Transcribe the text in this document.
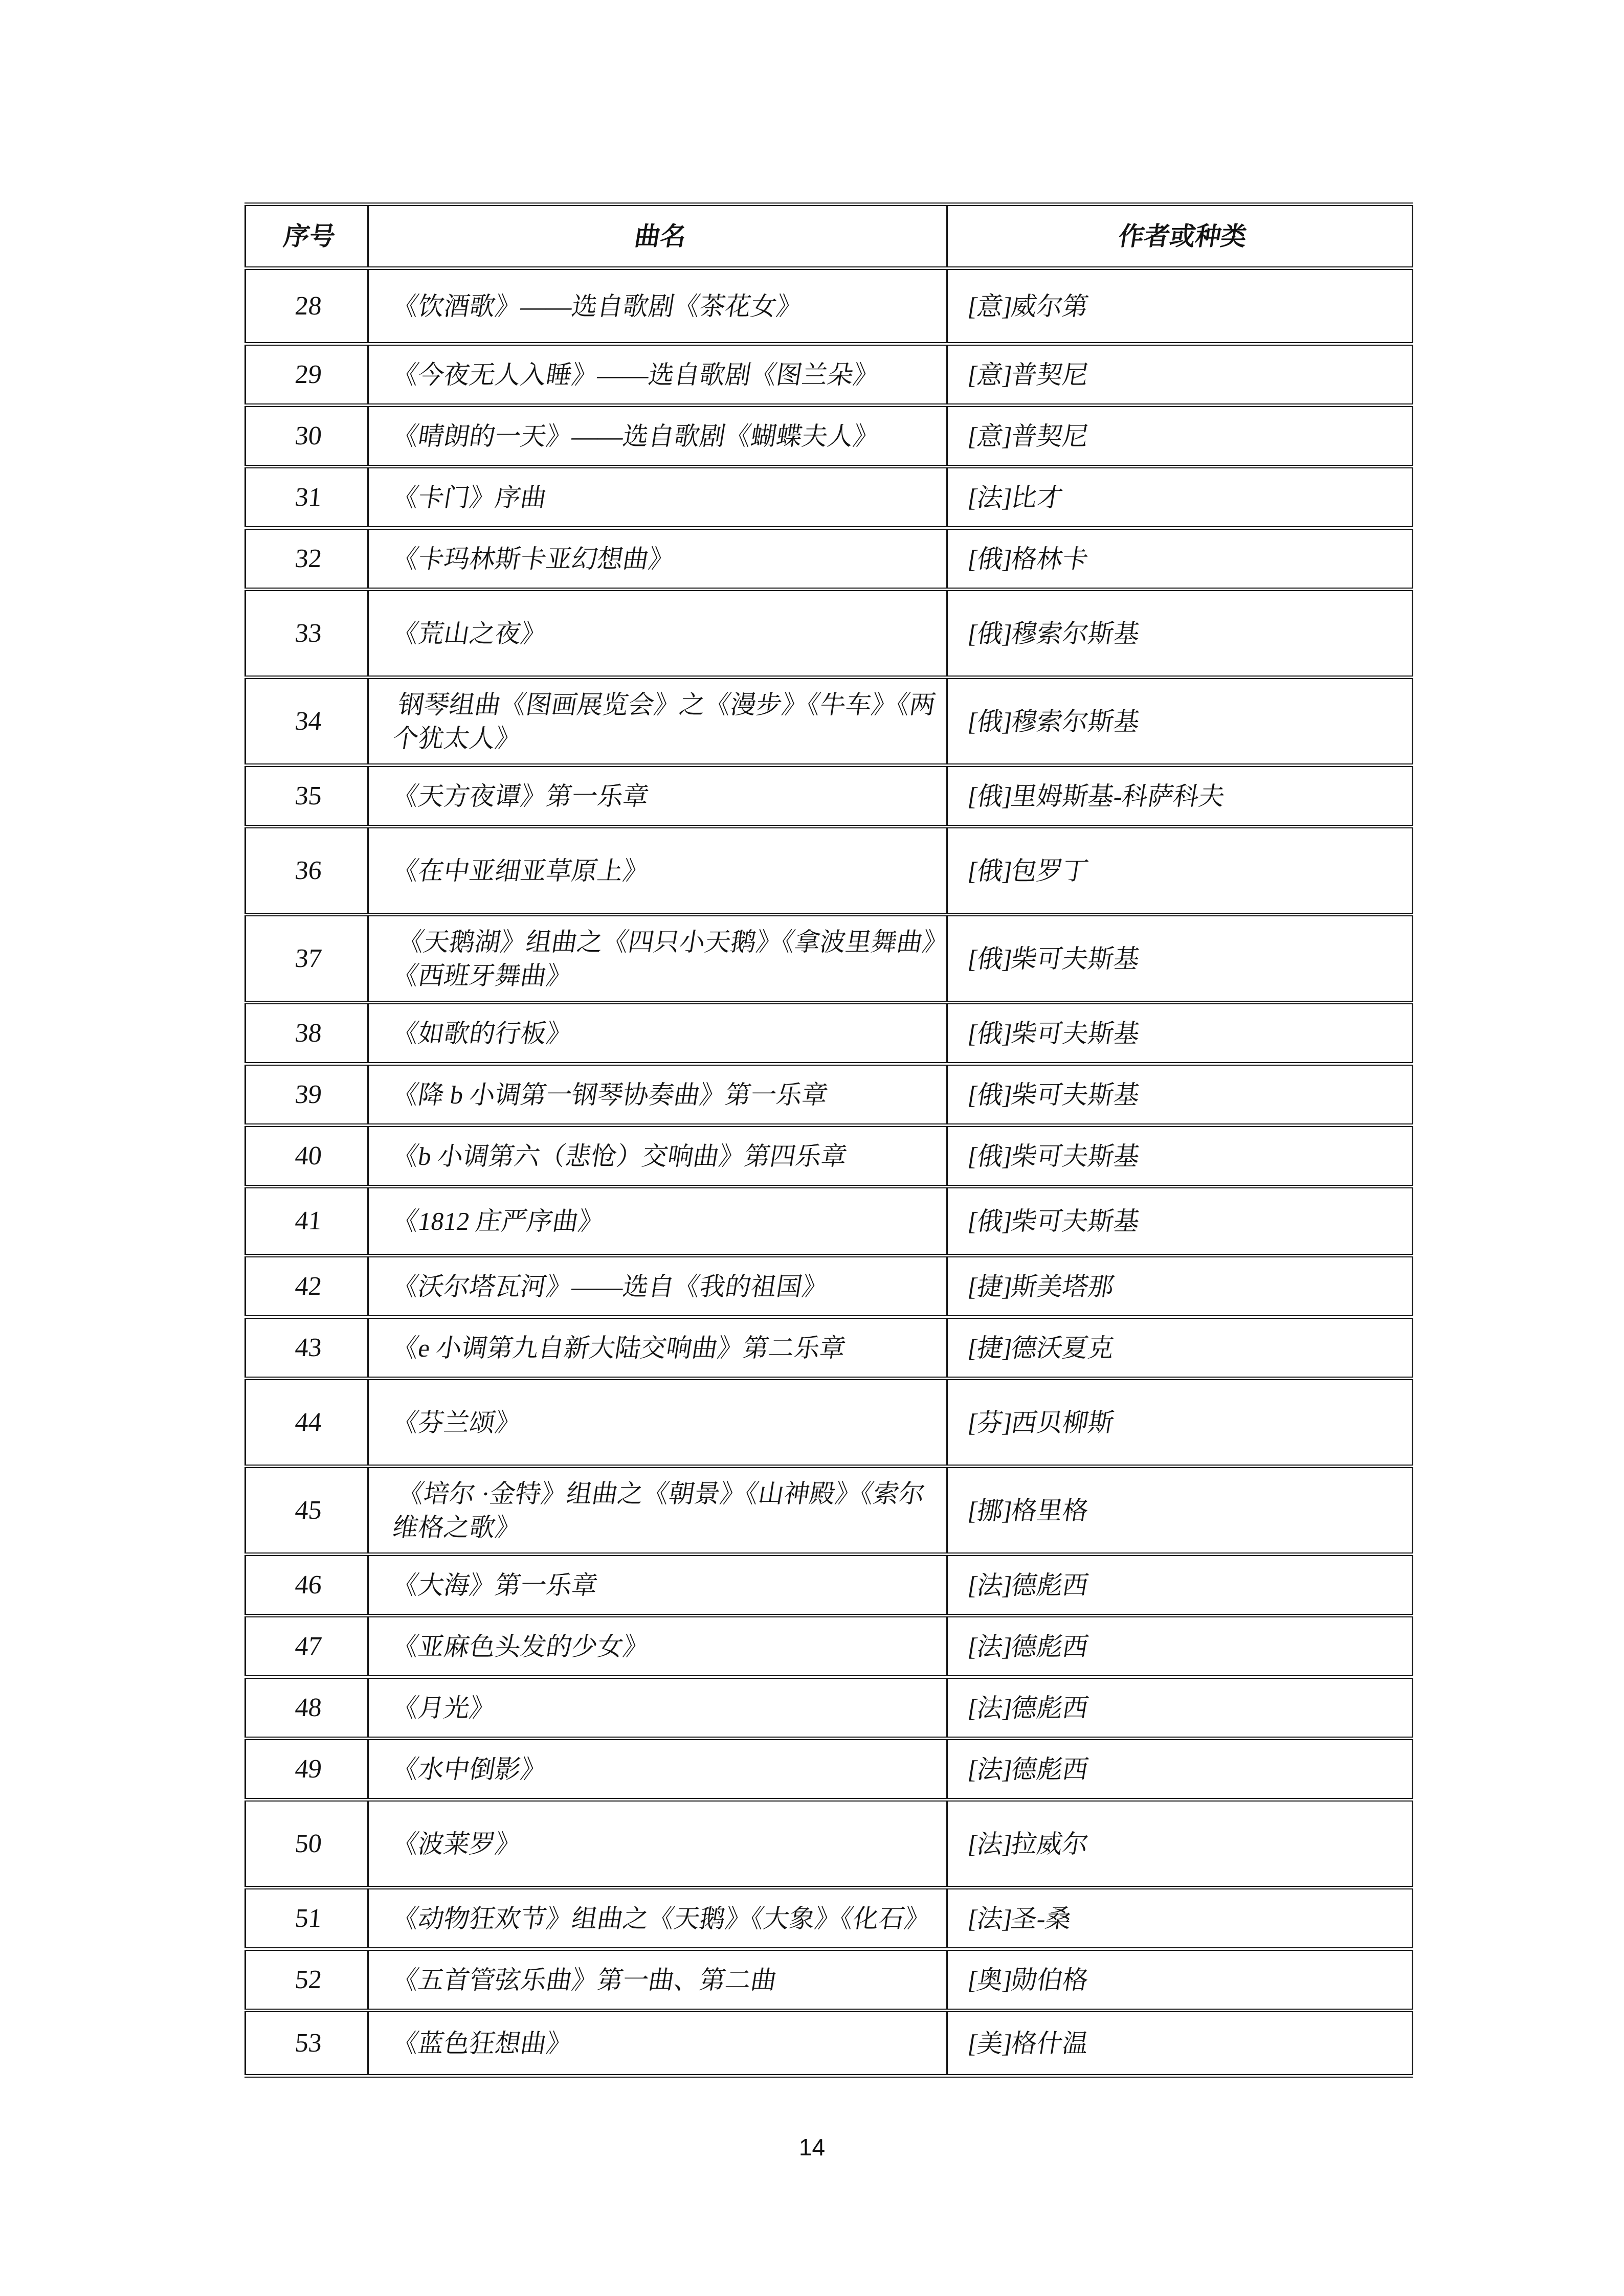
序号	曲名	作者或种类
28	《饮酒歌》——选自歌剧《茶花女》	[意]威尔第
29	《今夜无人入睡》——选自歌剧《图兰朵》	[意]普契尼
30	《晴朗的一天》——选自歌剧《蝴蝶夫人》	[意]普契尼
31	《卡门》序曲	[法]比才
32	《卡玛林斯卡亚幻想曲》	[俄]格林卡
33	《荒山之夜》	[俄]穆索尔斯基
34	钢琴组曲《图画展览会》之《漫步》《牛车》《两个犹太人》	[俄]穆索尔斯基
35	《天方夜谭》第一乐章	[俄]里姆斯基-科萨科夫
36	《在中亚细亚草原上》	[俄]包罗丁
37	《天鹅湖》组曲之《四只小天鹅》《拿波里舞曲》《西班牙舞曲》	[俄]柴可夫斯基
38	《如歌的行板》	[俄]柴可夫斯基
39	《降 b 小调第一钢琴协奏曲》第一乐章	[俄]柴可夫斯基
40	《b 小调第六（悲怆）交响曲》第四乐章	[俄]柴可夫斯基
41	《1812 庄严序曲》	[俄]柴可夫斯基
42	《沃尔塔瓦河》——选自《我的祖国》	[捷]斯美塔那
43	《e 小调第九自新大陆交响曲》第二乐章	[捷]德沃夏克
44	《芬兰颂》	[芬]西贝柳斯
45	《培尔 ·金特》组曲之《朝景》《山神殿》《索尔维格之歌》	[挪]格里格
46	《大海》第一乐章	[法]德彪西
47	《亚麻色头发的少女》	[法]德彪西
48	《月光》	[法]德彪西
49	《水中倒影》	[法]德彪西
50	《波莱罗》	[法]拉威尔
51	《动物狂欢节》组曲之《天鹅》《大象》《化石》	[法]圣-桑
52	《五首管弦乐曲》第一曲、第二曲	[奥]勋伯格
53	《蓝色狂想曲》	[美]格什温
14
